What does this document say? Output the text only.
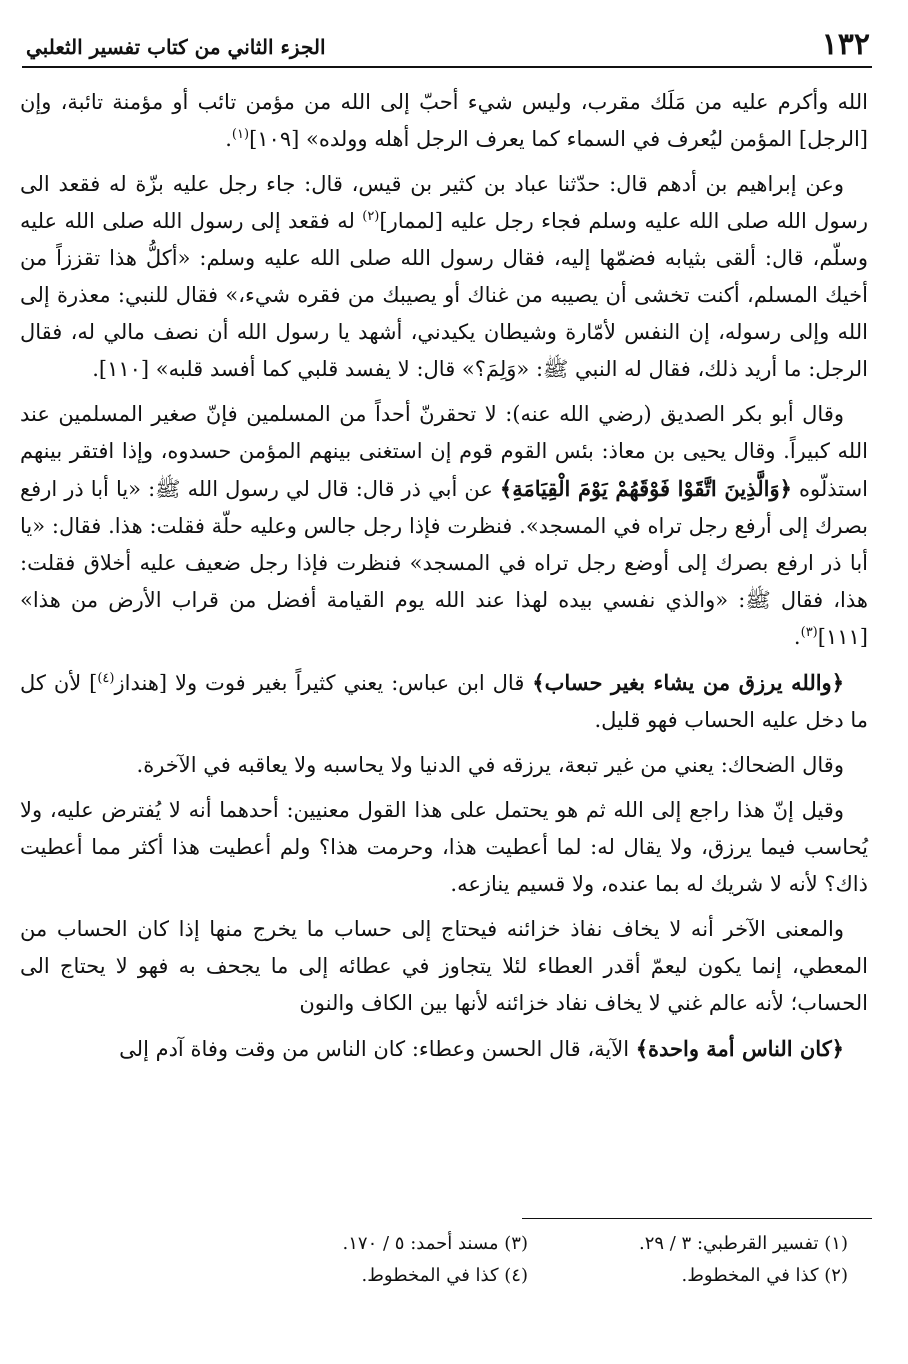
١٣٢
الجزء الثاني من كتاب تفسير الثعلبي

الله وأكرم عليه من مَلَك مقرب، وليس شيء أحبّ إلى الله من مؤمن تائب أو مؤمنة تائبة، وإن [الرجل] المؤمن ليُعرف في السماء كما يعرف الرجل أهله وولده» [١٠٩]$^{(١)}$.

وعن إبراهيم بن أدهم قال: حدّثنا عباد بن كثير بن قيس، قال: جاء رجل عليه بزّة له فقعد الى رسول الله صلى الله عليه وسلم فجاء رجل عليه [لممار]$^{(٢)}$ له فقعد إلى رسول الله صلى الله عليه وسلّم، قال: ألقى بثيابه فضمّها إليه، فقال رسول الله صلى الله عليه وسلم: «أكلُّ هذا تقززاً من أخيك المسلم، أكنت تخشى أن يصيبه من غناك أو يصيبك من فقره شيء،» فقال للنبي: معذرة إلى الله وإلى رسوله، إن النفس لأمّارة وشيطان يكيدني، أشهد يا رسول الله أن نصف مالي له، فقال الرجل: ما أريد ذلك، فقال له النبي ﷺ: «وَلِمَ؟» قال: لا يفسد قلبي كما أفسد قلبه» [١١٠].

وقال أبو بكر الصديق (رضي الله عنه): لا تحقرنّ أحداً من المسلمين فإنّ صغير المسلمين عند الله كبيراً. وقال يحيى بن معاذ: بئس القوم قوم إن استغنى بينهم المؤمن حسدوه، وإذا افتقر بينهم استذلّوه ﴿وَالَّذِينَ اتَّقَوْا فَوْقَهُمْ يَوْمَ الْقِيَامَةِ﴾ عن أبي ذر قال: قال لي رسول الله ﷺ: «يا أبا ذر ارفع بصرك إلى أرفع رجل تراه في المسجد». فنظرت فإذا رجل جالس وعليه حلّة فقلت: هذا. فقال: «يا أبا ذر ارفع بصرك إلى أوضع رجل تراه في المسجد» فنظرت فإذا رجل ضعيف عليه أخلاق فقلت: هذا، فقال ﷺ: «والذي نفسي بيده لهذا عند الله يوم القيامة أفضل من قراب الأرض من هذا» [١١١]$^{(٣)}$.

﴿والله يرزق من يشاء بغير حساب﴾ قال ابن عباس: يعني كثيراً بغير فوت ولا [هنداز$^{(٤)}$] لأن كل ما دخل عليه الحساب فهو قليل.

وقال الضحاك: يعني من غير تبعة، يرزقه في الدنيا ولا يحاسبه ولا يعاقبه في الآخرة.

وقيل إنّ هذا راجع إلى الله ثم هو يحتمل على هذا القول معنيين: أحدهما أنه لا يُفترض عليه، ولا يُحاسب فيما يرزق، ولا يقال له: لما أعطيت هذا، وحرمت هذا؟ ولم أعطيت هذا أكثر مما أعطيت ذاك؟ لأنه لا شريك له بما عنده، ولا قسيم ينازعه.

والمعنى الآخر أنه لا يخاف نفاذ خزائنه فيحتاج إلى حساب ما يخرج منها إذا كان الحساب من المعطي، إنما يكون ليعمّ أقدر العطاء لئلا يتجاوز في عطائه إلى ما يجحف به فهو لا يحتاج الى الحساب؛ لأنه عالم غني لا يخاف نفاد خزائنه لأنها بين الكاف والنون

﴿كان الناس أمة واحدة﴾ الآية، قال الحسن وعطاء: كان الناس من وقت وفاة آدم إلى

(١) تفسير القرطبي: ٣ / ٢٩.
(٢) كذا في المخطوط.
(٣) مسند أحمد: ٥ / ١٧٠.
(٤) كذا في المخطوط.
